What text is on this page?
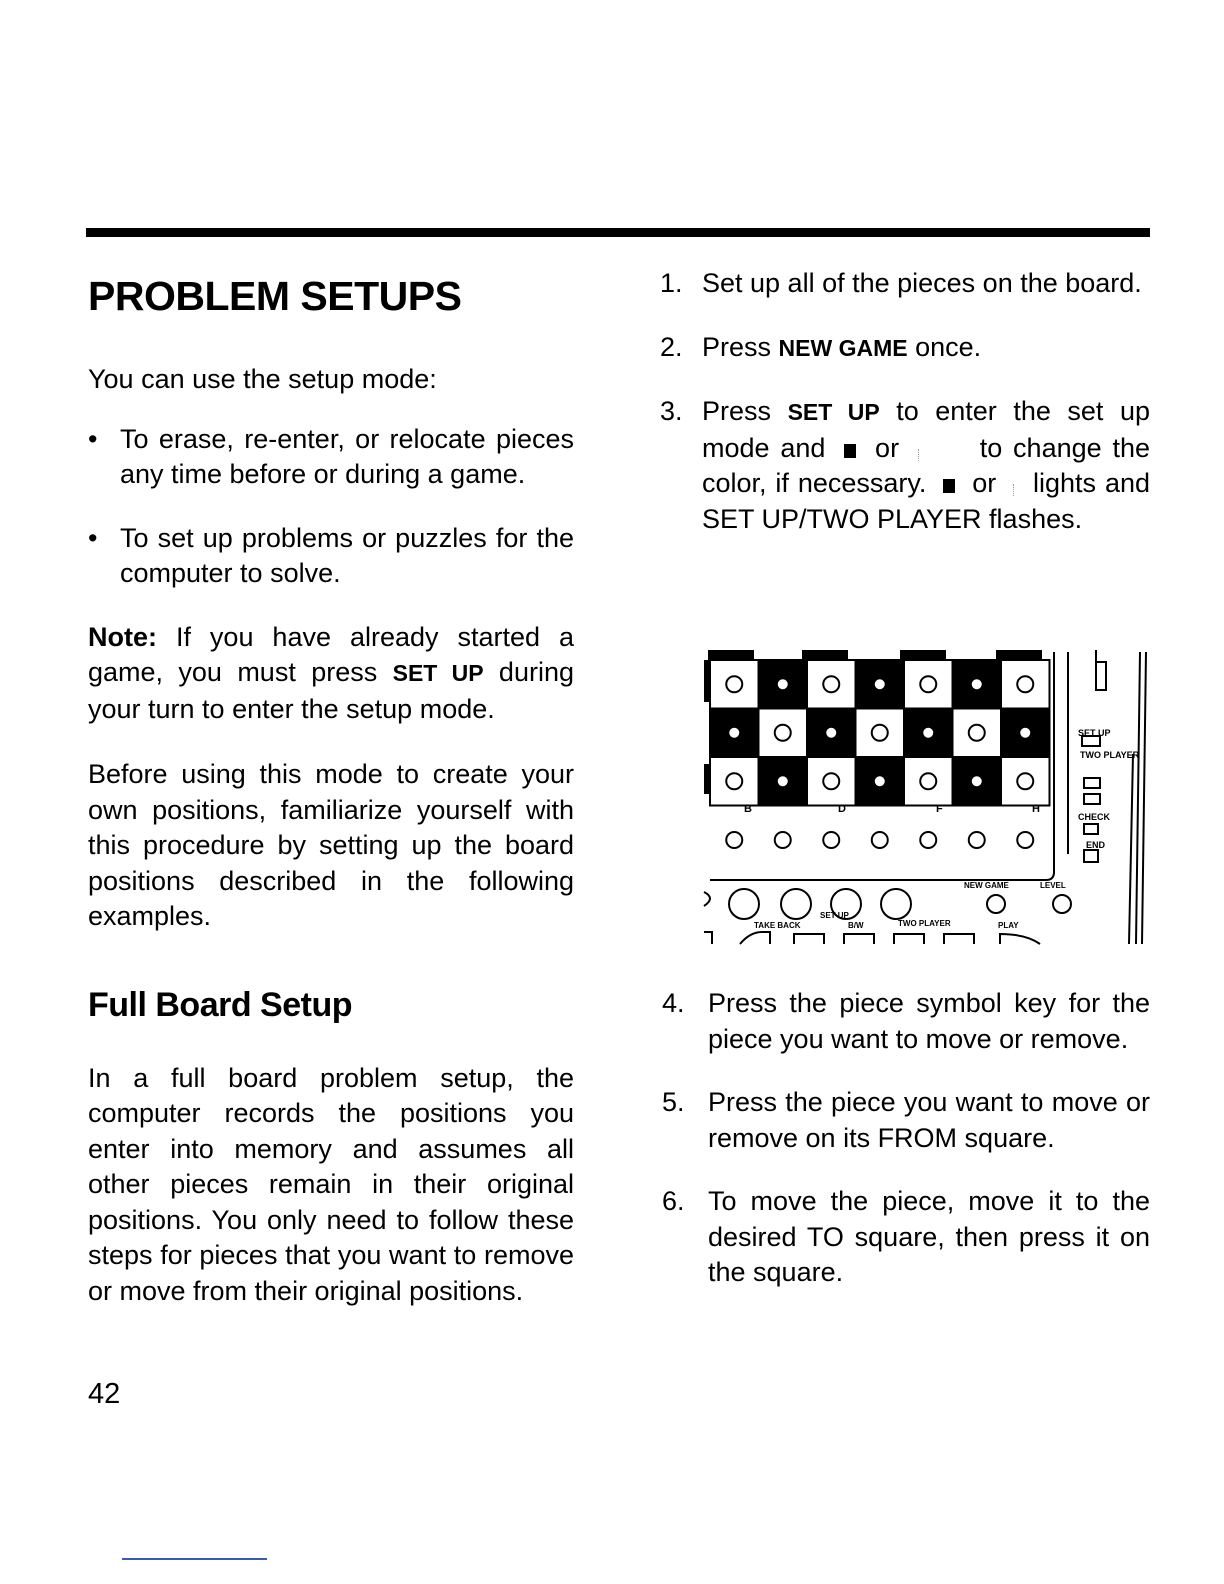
PROBLEM SETUPS

You can use the setup mode:

• To erase, re-enter, or relocate pieces any time before or during a game.
• To set up problems or puzzles for the computer to solve.

Note: If you have already started a game, you must press SET UP during your turn to enter the setup mode.

Before using this mode to create your own positions, familiarize yourself with this procedure by setting up the board positions described in the following examples.

Full Board Setup

In a full board problem setup, the computer records the positions you enter into memory and assumes all other pieces remain in their original positions. You only need to follow these steps for pieces that you want to remove or move from their original positions.

42
1. Set up all of the pieces on the board.
2. Press NEW GAME once.
3. Press SET UP to enter the set up mode and  or  to change the color, if necessary.  or  lights and SET UP/TWO PLAYER flashes.
B	D	F	H
SET UP
TWO PLAYER
CHECK
END
NEW GAME	LEVEL
TAKE BACK
SET UP
B/W	TWO PLAYER	PLAY
4. Press the piece symbol key for the piece you want to move or remove.
5. Press the piece you want to move or remove on its FROM square.
6. To move the piece, move it to the desired TO square, then press it on the square.
